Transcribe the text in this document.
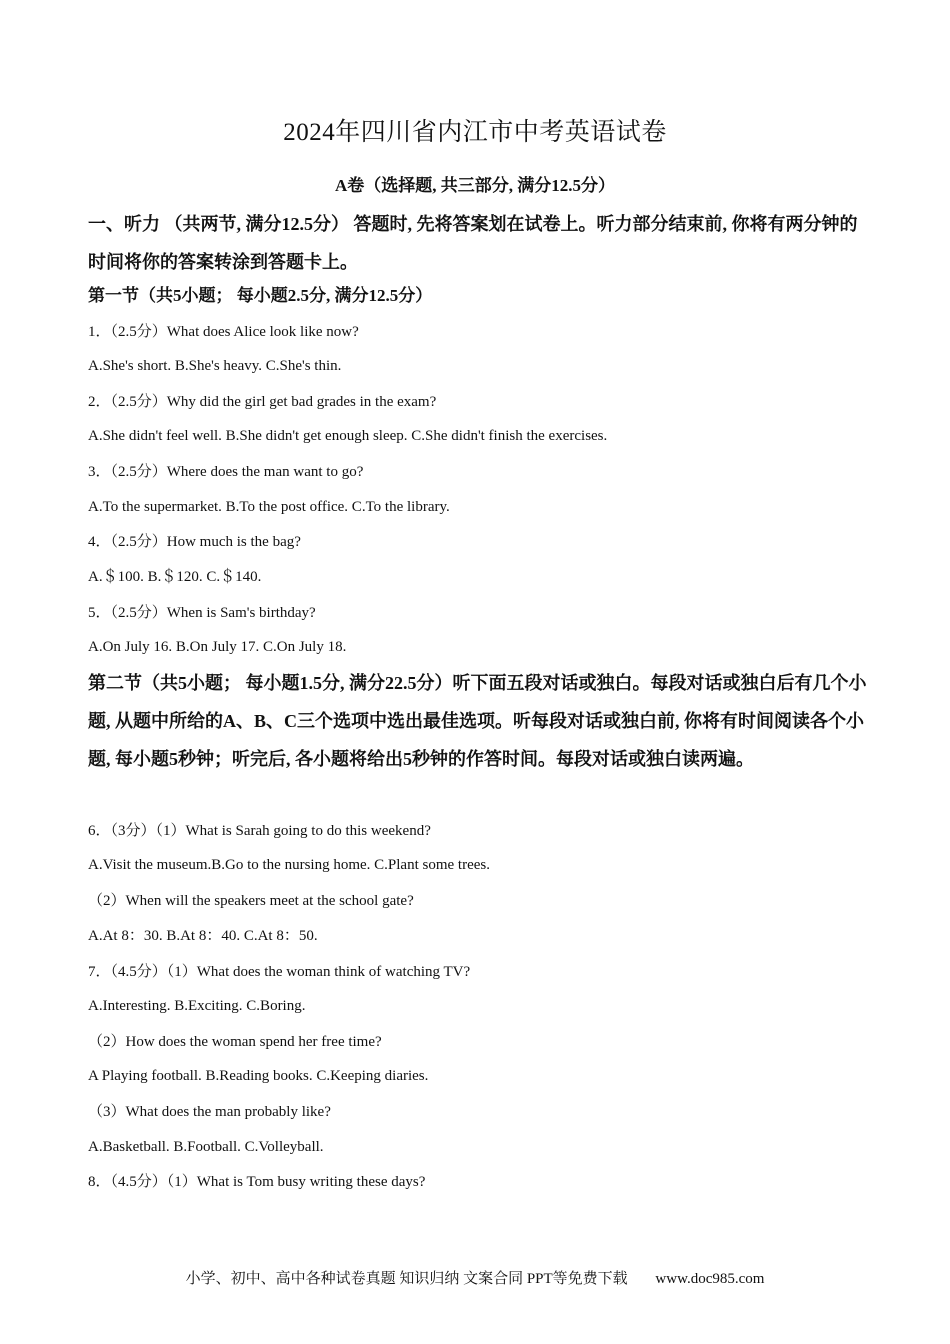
2024年四川省内江市中考英语试卷
A卷（选择题, 共三部分, 满分12.5分）
一、听力 （共两节, 满分12.5分） 答题时, 先将答案划在试卷上。听力部分结束前, 你将有两分钟的时间将你的答案转涂到答题卡上。
第一节（共5小题； 每小题2.5分, 满分12.5分）
1．（2.5分）What does Alice look like now?
A.She's short. B.She's heavy. C.She's thin.
2．（2.5分）Why did the girl get bad grades in the exam?
A.She didn't feel well. B.She didn't get enough sleep. C.She didn't finish the exercises.
3．（2.5分）Where does the man want to go?
A.To the supermarket. B.To the post office. C.To the library.
4．（2.5分）How much is the bag?
A.＄100. B.＄120. C.＄140.
5．（2.5分）When is Sam's birthday?
A.On July 16. B.On July 17. C.On July 18.
第二节（共5小题； 每小题1.5分, 满分22.5分）听下面五段对话或独白。每段对话或独白后有几个小题, 从题中所给的A、B、C三个选项中选出最佳选项。听每段对话或独白前, 你将有时间阅读各个小题, 每小题5秒钟；听完后, 各小题将给出5秒钟的作答时间。每段对话或独白读两遍。
6．（3分）（1）What is Sarah going to do this weekend?
A.Visit the museum.B.Go to the nursing home. C.Plant some trees.
（2）When will the speakers meet at the school gate?
A.At 8：30. B.At 8：40. C.At 8：50.
7．（4.5分）（1）What does the woman think of watching TV?
A.Interesting. B.Exciting. C.Boring.
（2）How does the woman spend her free time?
A Playing football. B.Reading books. C.Keeping diaries.
（3）What does the man probably like?
A.Basketball. B.Football. C.Volleyball.
8．（4.5分）（1）What is Tom busy writing these days?
小学、初中、高中各种试卷真题 知识归纳 文案合同 PPT等免费下载 www.doc985.com
